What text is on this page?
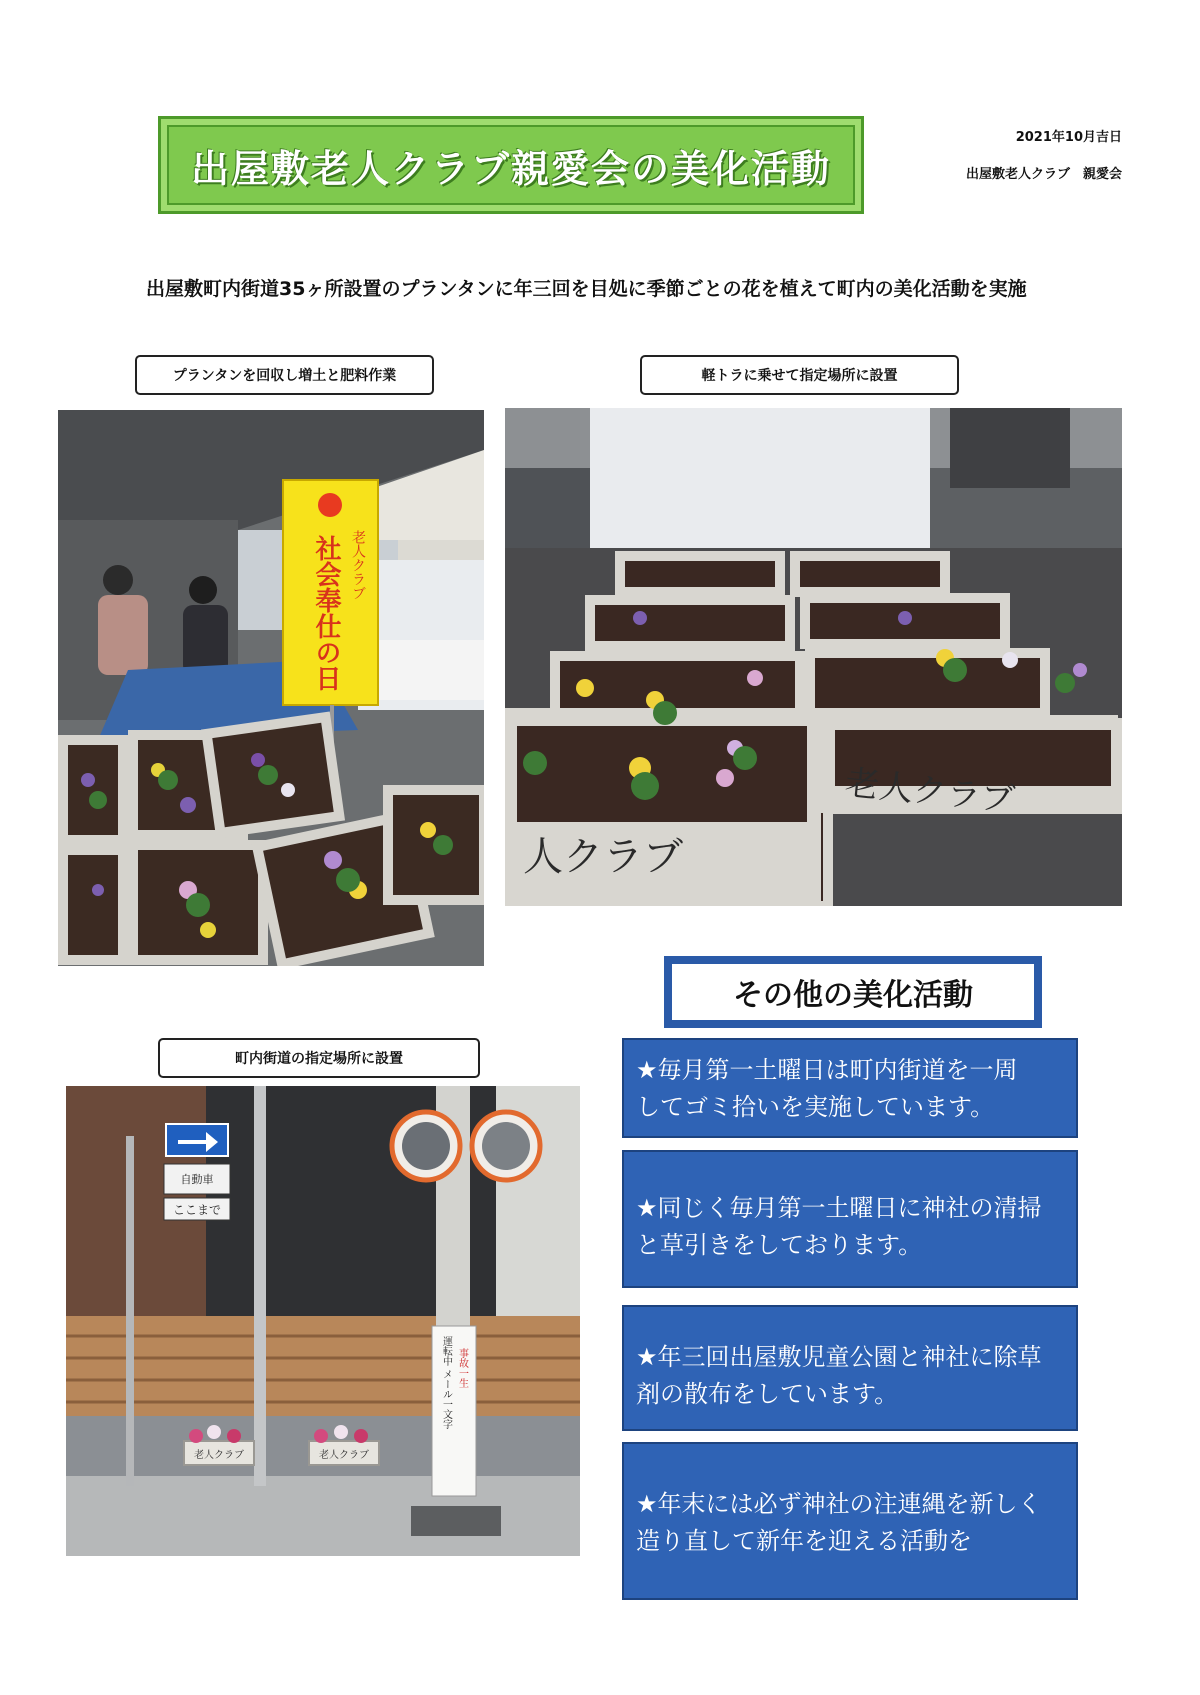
出屋敷老人クラブ親愛会の美化活動
2021年10月吉日
出屋敷老人クラブ　親愛会
出屋敷町内街道35ヶ所設置のプランタンに年三回を目処に季節ごとの花を植えて町内の美化活動を実施
プランタンを回収し増土と肥料作業
老人クラブ
社会奉仕の日
軽トラに乗せて指定場所に設置
老人クラブ
人クラブ
町内街道の指定場所に設置
自動車
ここまで
運転中 メール一文字 事故一生
老人クラブ	老人クラブ
その他の美化活動
★毎月第一土曜日は町内街道を一周　してゴミ拾いを実施しています。
★同じく毎月第一土曜日に神社の清掃と草引きをしております。
★年三回出屋敷児童公園と神社に除草剤の散布をしています。
★年末には必ず神社の注連縄を新しく造り直して新年を迎える活動を
